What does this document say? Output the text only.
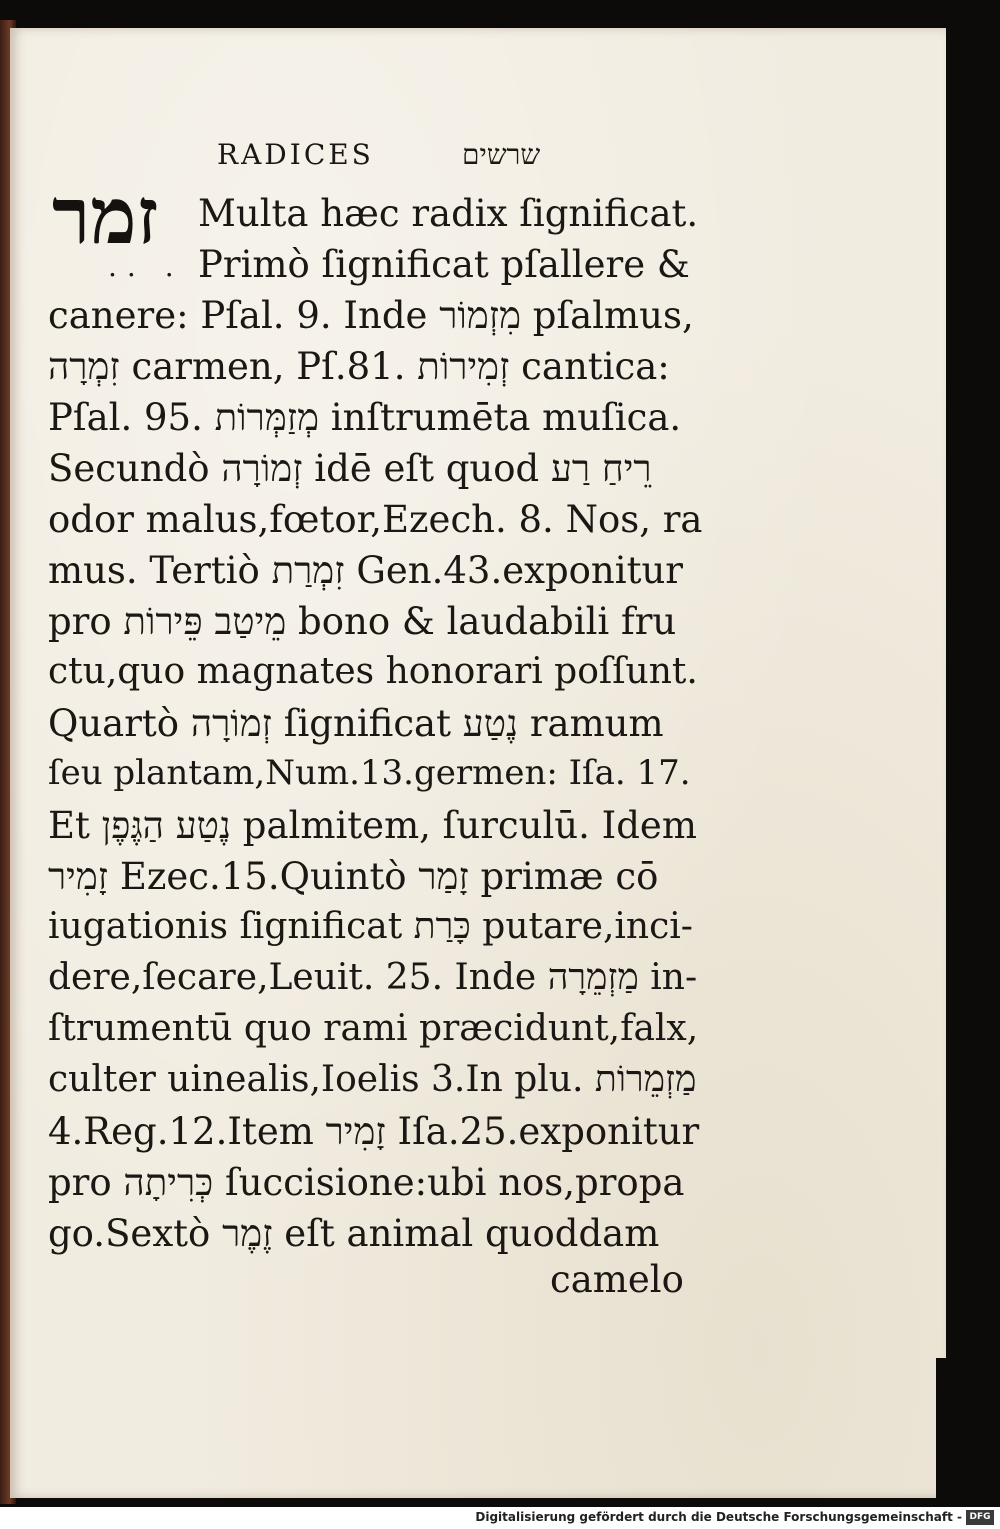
RADICES	שרשים
זמר
.. .
Multa hæc radix ſignificat.
Primò ſignificat pſallere &
canere: Pſal. 9. Inde מִזְמוֹר pſalmus,
זִמְרָה carmen, Pſ.81. זְמִירוֹת cantica:
Pſal. 95. מְזַמְּרוֹת inſtrumēta muſica.
Secundò זְמוֹרָה idē eſt quod רֵיחַ רַע
odor malus,fœtor,Ezech. 8. Nos, ra
mus. Tertiò זִמְרַת Gen.43.exponitur
pro מֵיטַב פֵּירוֹת bono & laudabili fru
ctu,quo magnates honorari poſſunt.
Quartò זְמוֹרָה ſignificat נֶטַע ramum
ſeu plantam,Num.13.germen: Iſa. 17.
Et נֶטַע הַגֶּפֶן palmitem, ſurculū. Idem
זָמִיר Ezec.15.Quintò זָמַר primæ cō
iugationis ſignificat כָּרַת putare,inci-
dere,ſecare,Leuit. 25. Inde מַזְמֵרָה in-
ſtrumentū quo rami præcidunt,falx,
culter uinealis,Ioelis 3.In plu. מַזְמֵרוֹת
4.Reg.12.Item זָמִיר Iſa.25.exponitur
pro כְּרִיתָה ſuccisione:ubi nos,propa
go.Sextò זֶמֶר eſt animal quoddam
camelo
Digitalisierung gefördert durch die Deutsche Forschungsgemeinschaft - DFG
